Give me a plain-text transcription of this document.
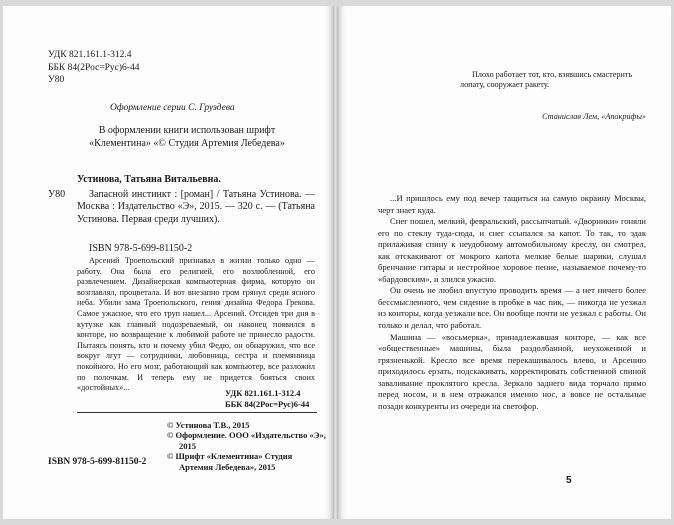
УДК 821.161.1-312.4
ББК 84(2Рос=Рус)6-44
У80
Оформление серии С. Груздева
В оформлении книги использован шрифт
«Клементина» «© Студия Артемия Лебедева»
Устинова, Татьяна Витальевна.
У80	Запасной инстинкт : [роман] / Татьяна Устинова. — Москва : Издательство «Э», 2015. — 320 с. — (Татьяна Устинова. Первая среди лучших).
ISBN 978-5-699-81150-2
Арсений Троепольский признавал в жизни только одно — работу. Она была его религией, его возлюбленной, его развлечением. Дизайнерская компьютерная фирма, которую он возглавлял, процветала. И вот внезапно гром грянул среди ясного неба. Убили зама Троепольского, гения дизайна Федора Грекова. Самое ужасное, что его труп нашел... Арсений. Отсидев три дня в кутузке как главный подозреваемый, он наконец появился в конторе, но возвращение к любимой работе не принесло радости. Пытаясь понять, кто и почему убил Федю, он обнаружил, что все вокруг лгут — сотрудники, любовница, сестра и племянница покойного. Но его мозг, работающий как компьютер, все разложил по полочкам. И теперь ему не придется бояться своих «достойных»...
УДК 821.161.1-312.4
ББК 84(2Рос=Рус)6-44

© Устинова Т.В., 2015

© Оформление. ООО «Издательство «Э», 2015

© Шрифт «Клементина» Студия Артемия Лебедева», 2015

ISBN 978-5-699-81150-2
Плохо работает тот, кто, взявшись смастерить лопату, сооружает ракету.
Станислав Лем, «Апокрифы»

...И пришлось ему под вечер тащиться на самую окраину Москвы, черт знает куда.

Снег пошел, мелкий, февральский, рассыпчатый. «Дворники» гоняли его по стеклу туда-сюда, и снег ссыпался за капот. То так, то эдак прилаживая спину к неудобному автомобильному креслу, он смотрел, как отскакивают от мокрого капота мелкие белые шарики, слушал бренчание гитары и нестройное хоровое пение, называемое почему-то «бардовским», и злился ужасно.

Он очень не любил впустую проводить время — а нет ничего более бессмысленного, чем сидение в пробке в час пик, — никогда не уезжал из конторы, когда уезжали все. Он вообще почти не уезжал с работы. Он только и делал, что работал.

Машина — «восьмерка», принадлежавшая конторе, — как все «общественные» машины, была раздолбанной, неухоженной и грязненькой. Кресло все время перекашивалось влево, и Арсению приходилось ерзать, подскакивать, корректировать собственной спиной заваливание проклятого кресла. Зеркало заднего вида торчало прямо перед носом, и в нем отражался именно нос, а вовсе не остальные позади конкуренты из очереди на светофор.

5
